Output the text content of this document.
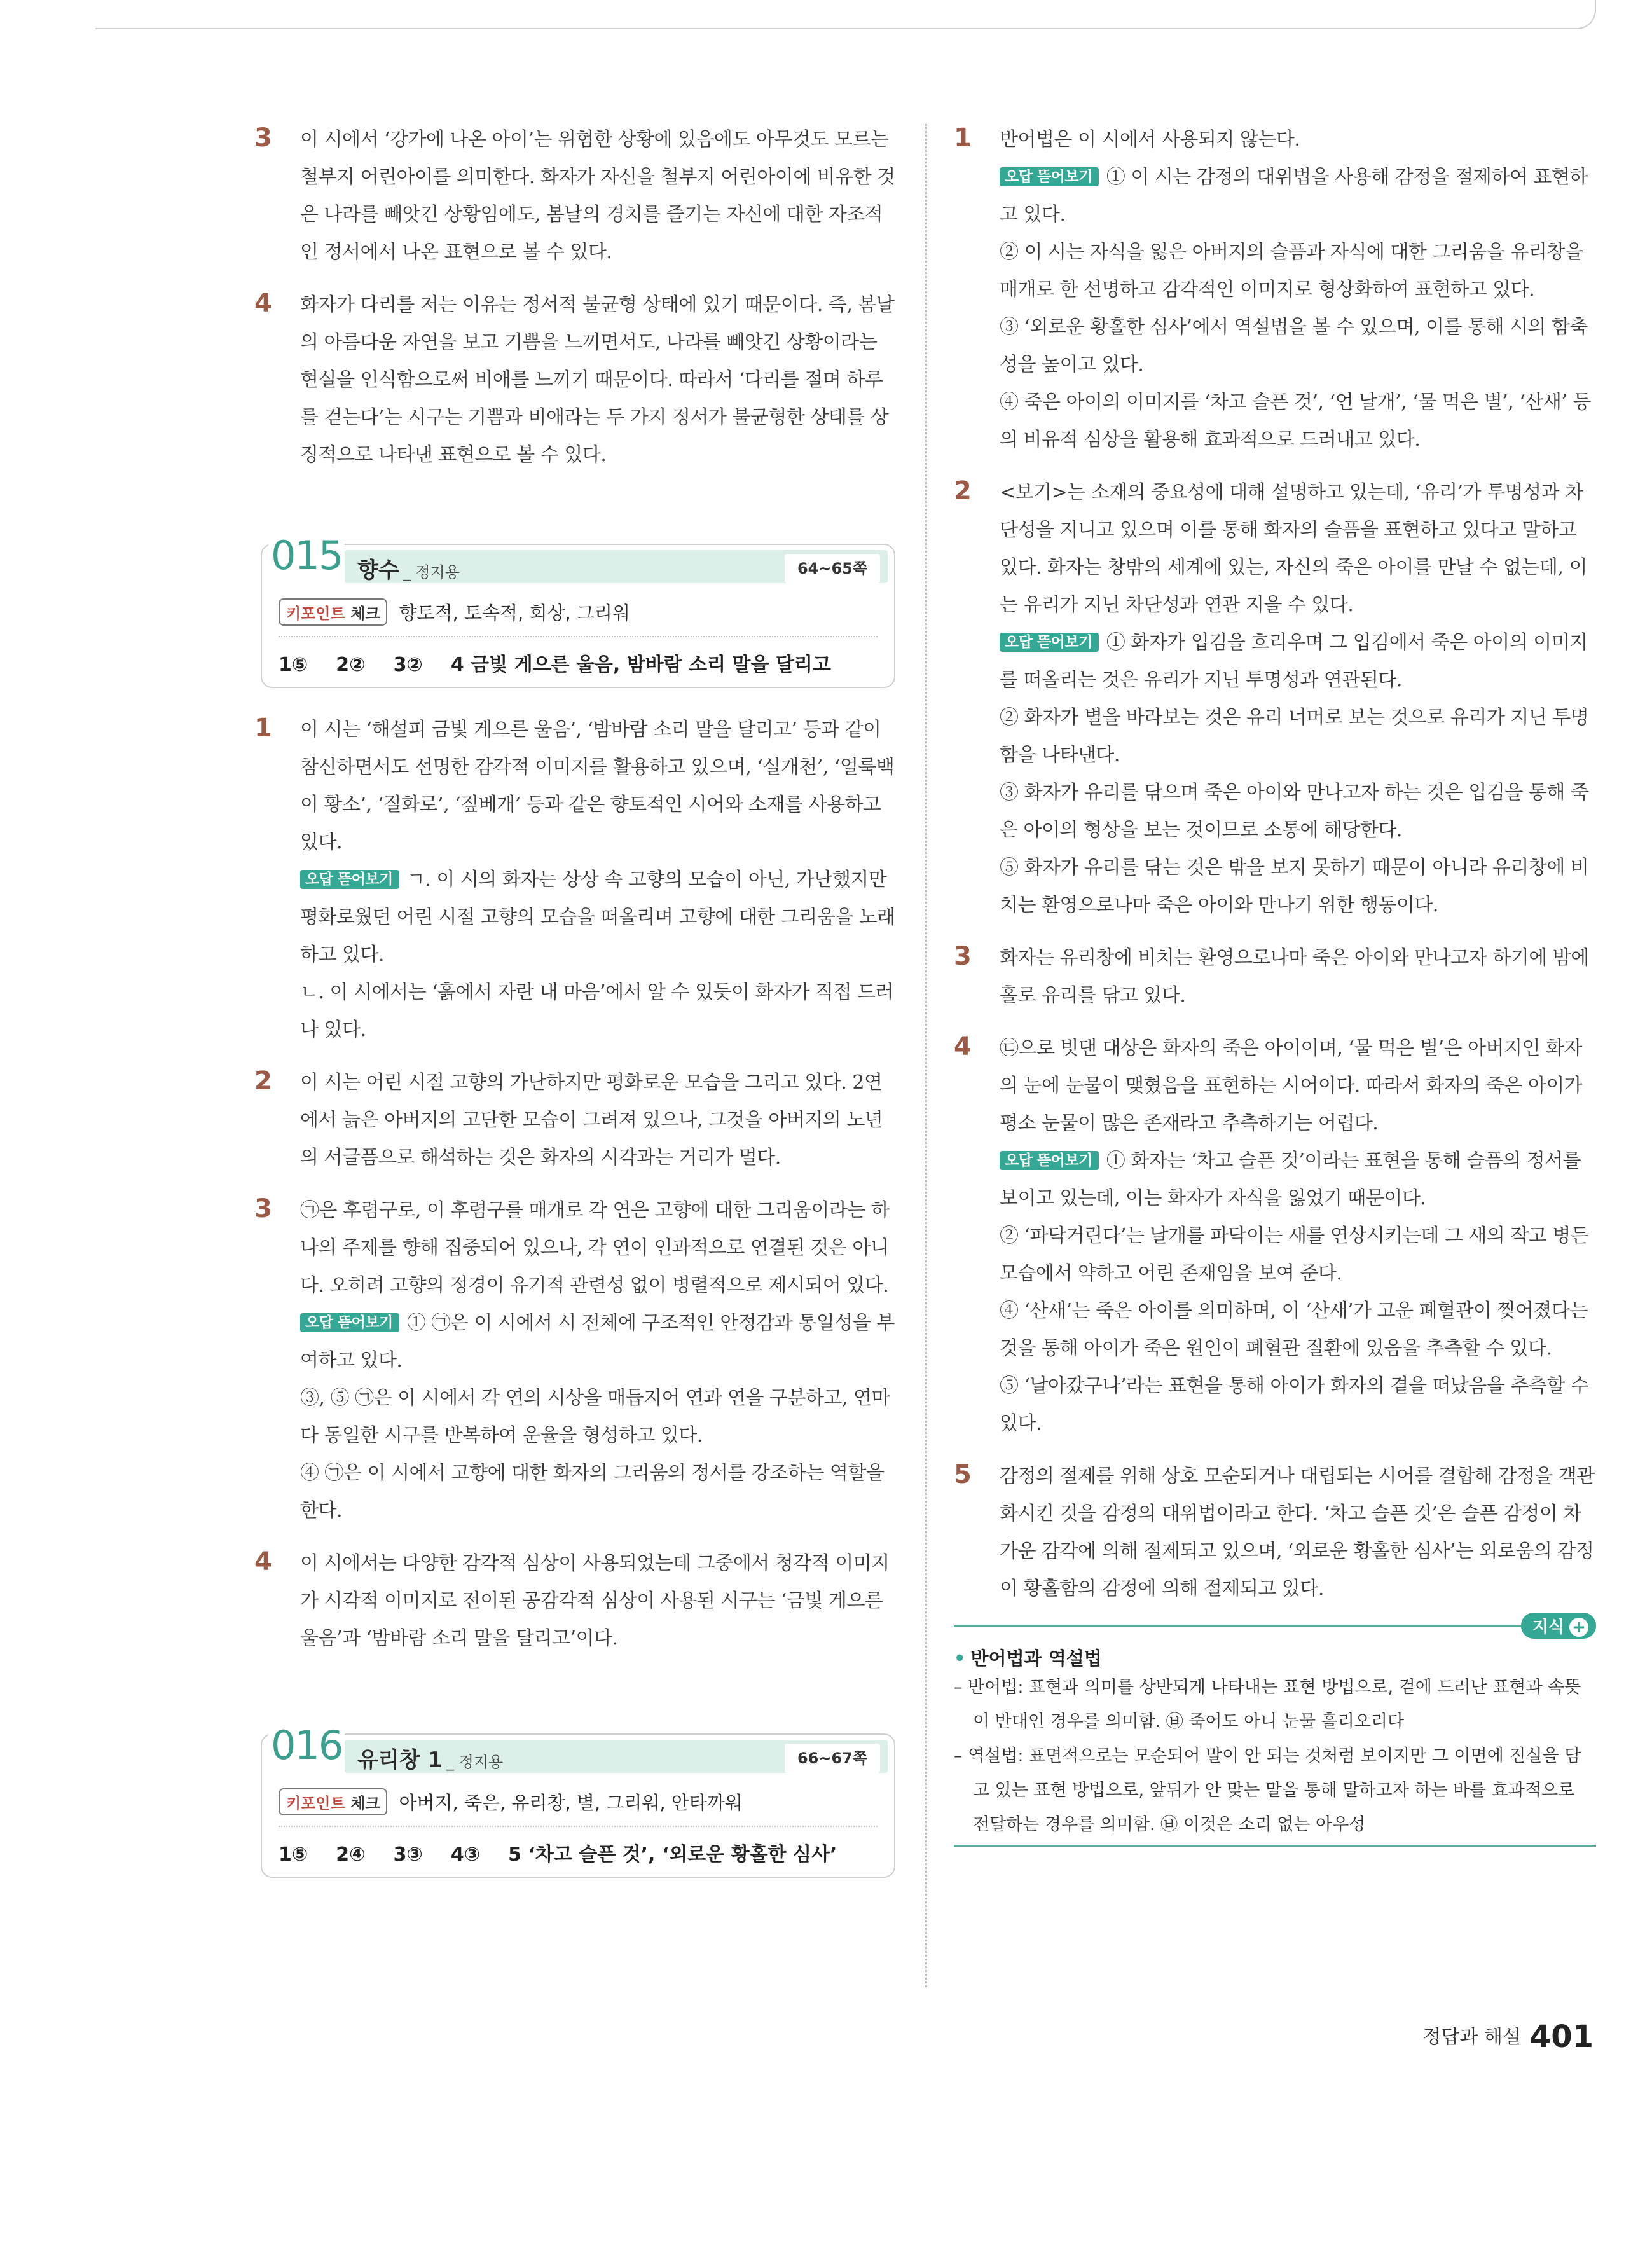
3 이 시에서 ‘강가에 나온 아이’는 위험한 상황에 있음에도 아무것도 모르는 철부지 어린아이를 의미한다. 화자가 자신을 철부지 어린아이에 비유한 것은 나라를 빼앗긴 상황임에도, 봄날의 경치를 즐기는 자신에 대한 자조적인 정서에서 나온 표현으로 볼 수 있다.

4 화자가 다리를 저는 이유는 정서적 불균형 상태에 있기 때문이다. 즉, 봄날의 아름다운 자연을 보고 기쁨을 느끼면서도, 나라를 빼앗긴 상황이라는 현실을 인식함으로써 비애를 느끼기 때문이다. 따라서 ‘다리를 절며 하루를 걷는다’는 시구는 기쁨과 비애라는 두 가지 정서가 불균형한 상태를 상징적으로 나타낸 표현으로 볼 수 있다.

015 향수 _ 정지용	64~65쪽
키포인트 체크	향토적, 토속적, 회상, 그리워
1⑤ 2② 3② 4 금빛 게으른 울음, 밤바람 소리 말을 달리고
1 이 시는 ‘해설피 금빛 게으른 울음’, ‘밤바람 소리 말을 달리고’ 등과 같이 참신하면서도 선명한 감각적 이미지를 활용하고 있으며, ‘실개천’, ‘얼룩백이 황소’, ‘질화로’, ‘짚베개’ 등과 같은 향토적인 시어와 소재를 사용하고 있다.

오답 뜯어보기 ㄱ. 이 시의 화자는 상상 속 고향의 모습이 아닌, 가난했지만 평화로웠던 어린 시절 고향의 모습을 떠올리며 고향에 대한 그리움을 노래하고 있다.

ㄴ. 이 시에서는 ‘흙에서 자란 내 마음’에서 알 수 있듯이 화자가 직접 드러나 있다.

2 이 시는 어린 시절 고향의 가난하지만 평화로운 모습을 그리고 있다. 2연에서 늙은 아버지의 고단한 모습이 그려져 있으나, 그것을 아버지의 노년의 서글픔으로 해석하는 것은 화자의 시각과는 거리가 멀다.

3 ㉠은 후렴구로, 이 후렴구를 매개로 각 연은 고향에 대한 그리움이라는 하나의 주제를 향해 집중되어 있으나, 각 연이 인과적으로 연결된 것은 아니다. 오히려 고향의 정경이 유기적 관련성 없이 병렬적으로 제시되어 있다.

오답 뜯어보기 ① ㉠은 이 시에서 시 전체에 구조적인 안정감과 통일성을 부여하고 있다.

③, ⑤ ㉠은 이 시에서 각 연의 시상을 매듭지어 연과 연을 구분하고, 연마다 동일한 시구를 반복하여 운율을 형성하고 있다.

④ ㉠은 이 시에서 고향에 대한 화자의 그리움의 정서를 강조하는 역할을 한다.

4 이 시에서는 다양한 감각적 심상이 사용되었는데 그중에서 청각적 이미지가 시각적 이미지로 전이된 공감각적 심상이 사용된 시구는 ‘금빛 게으른 울음’과 ‘밤바람 소리 말을 달리고’이다.

016 유리창 1 _ 정지용	66~67쪽
키포인트 체크	아버지, 죽은, 유리창, 별, 그리워, 안타까워
1⑤ 2④ 3③ 4③ 5 ‘차고 슬픈 것’, ‘외로운 황홀한 심사’
1 반어법은 이 시에서 사용되지 않는다.

오답 뜯어보기 ① 이 시는 감정의 대위법을 사용해 감정을 절제하여 표현하고 있다.

② 이 시는 자식을 잃은 아버지의 슬픔과 자식에 대한 그리움을 유리창을 매개로 한 선명하고 감각적인 이미지로 형상화하여 표현하고 있다.

③ ‘외로운 황홀한 심사’에서 역설법을 볼 수 있으며, 이를 통해 시의 함축성을 높이고 있다.

④ 죽은 아이의 이미지를 ‘차고 슬픈 것’, ‘언 날개’, ‘물 먹은 별’, ‘산새’ 등의 비유적 심상을 활용해 효과적으로 드러내고 있다.

2 <보기>는 소재의 중요성에 대해 설명하고 있는데, ‘유리’가 투명성과 차단성을 지니고 있으며 이를 통해 화자의 슬픔을 표현하고 있다고 말하고 있다. 화자는 창밖의 세계에 있는, 자신의 죽은 아이를 만날 수 없는데, 이는 유리가 지닌 차단성과 연관 지을 수 있다.

오답 뜯어보기 ① 화자가 입김을 흐리우며 그 입김에서 죽은 아이의 이미지를 떠올리는 것은 유리가 지닌 투명성과 연관된다.

② 화자가 별을 바라보는 것은 유리 너머로 보는 것으로 유리가 지닌 투명함을 나타낸다.

③ 화자가 유리를 닦으며 죽은 아이와 만나고자 하는 것은 입김을 통해 죽은 아이의 형상을 보는 것이므로 소통에 해당한다.

⑤ 화자가 유리를 닦는 것은 밖을 보지 못하기 때문이 아니라 유리창에 비치는 환영으로나마 죽은 아이와 만나기 위한 행동이다.

3 화자는 유리창에 비치는 환영으로나마 죽은 아이와 만나고자 하기에 밤에 홀로 유리를 닦고 있다.

4 ㉢으로 빗댄 대상은 화자의 죽은 아이이며, ‘물 먹은 별’은 아버지인 화자의 눈에 눈물이 맺혔음을 표현하는 시어이다. 따라서 화자의 죽은 아이가 평소 눈물이 많은 존재라고 추측하기는 어렵다.

오답 뜯어보기 ① 화자는 ‘차고 슬픈 것’이라는 표현을 통해 슬픔의 정서를 보이고 있는데, 이는 화자가 자식을 잃었기 때문이다.

② ‘파닥거린다’는 날개를 파닥이는 새를 연상시키는데 그 새의 작고 병든 모습에서 약하고 어린 존재임을 보여 준다.

④ ‘산새’는 죽은 아이를 의미하며, 이 ‘산새’가 고운 폐혈관이 찢어졌다는 것을 통해 아이가 죽은 원인이 폐혈관 질환에 있음을 추측할 수 있다.

⑤ ‘날아갔구나’라는 표현을 통해 아이가 화자의 곁을 떠났음을 추측할 수 있다.

5 감정의 절제를 위해 상호 모순되거나 대립되는 시어를 결합해 감정을 객관화시킨 것을 감정의 대위법이라고 한다. ‘차고 슬픈 것’은 슬픈 감정이 차가운 감각에 의해 절제되고 있으며, ‘외로운 황홀한 심사’는 외로움의 감정이 황홀함의 감정에 의해 절제되고 있다.

지식 +

• 반어법과 역설법

– 반어법: 표현과 의미를 상반되게 나타내는 표현 방법으로, 겉에 드러난 표현과 속뜻이 반대인 경우를 의미함. ㉥ 죽어도 아니 눈물 흘리오리다

– 역설법: 표면적으로는 모순되어 말이 안 되는 것처럼 보이지만 그 이면에 진실을 담고 있는 표현 방법으로, 앞뒤가 안 맞는 말을 통해 말하고자 하는 바를 효과적으로 전달하는 경우를 의미함. ㉥ 이것은 소리 없는 아우성

정답과 해설 401
